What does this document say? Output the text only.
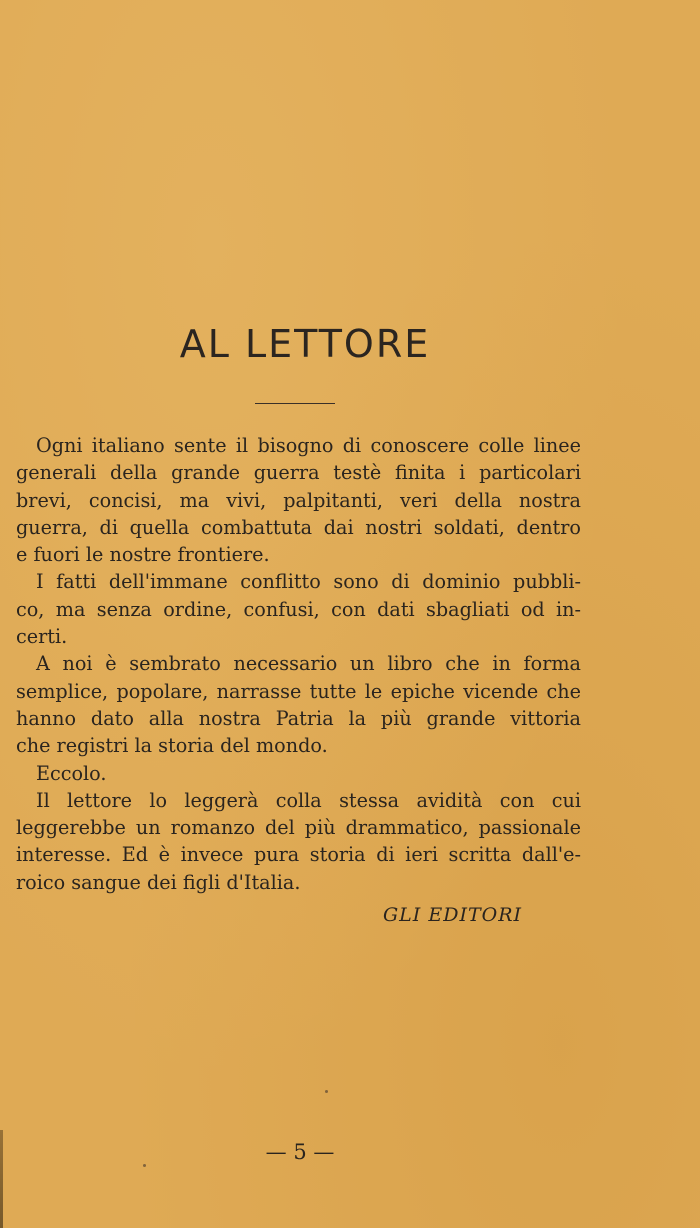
AL LETTORE

Ogni italiano sente il bisogno di conoscere colle linee
generali della grande guerra testè finita i particolari
brevi, concisi, ma vivi, palpitanti, veri della nostra
guerra, di quella combattuta dai nostri soldati, dentro
e fuori le nostre frontiere.

I fatti dell'immane conflitto sono di dominio pubbli-
co, ma senza ordine, confusi, con dati sbagliati od in-
certi.

A noi è sembrato necessario un libro che in forma
semplice, popolare, narrasse tutte le epiche vicende che
hanno dato alla nostra Patria la più grande vittoria
che registri la storia del mondo.

Eccolo.

Il lettore lo leggerà colla stessa avidità con cui
leggerebbe un romanzo del più drammatico, passionale
interesse. Ed è invece pura storia di ieri scritta dall'e-
roico sangue dei figli d'Italia.

GLI EDITORI
— 5 —
